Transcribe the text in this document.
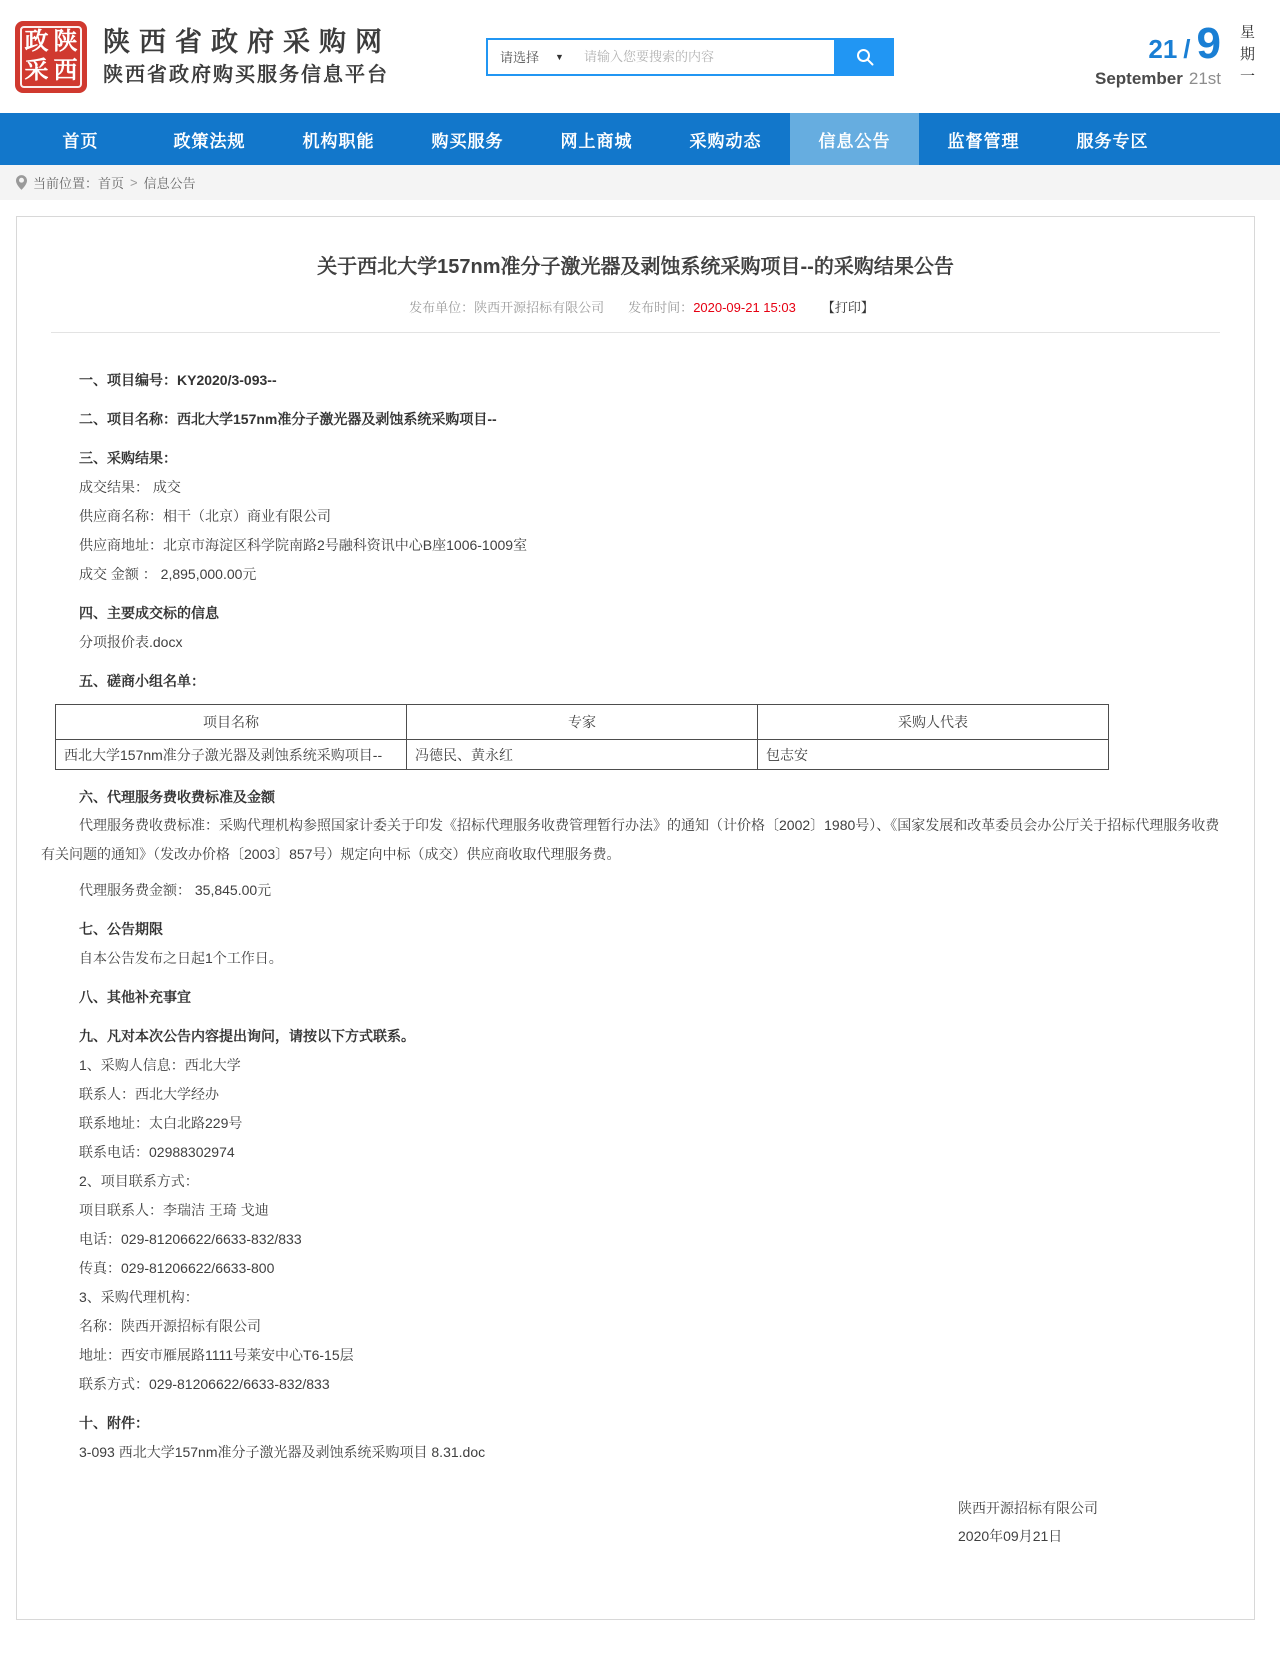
政 陕
采 西
陕西省政府采购网
陕西省政府购买服务信息平台
请选择 ▼
请输入您要搜索的内容	21 / 9
September 21st 星期一
首页	政策法规	机构职能	购买服务	网上商城	采购动态	信息公告	监督管理	服务专区
当前位置： 首页 > 信息公告
关于西北大学157nm准分子激光器及剥蚀系统采购项目--的采购结果公告
发布单位：陕西开源招标有限公司 发布时间：2020-09-21 15:03 【打印】

一、项目编号：KY2020/3-093--

二、项目名称：西北大学157nm准分子激光器及剥蚀系统采购项目--

三、采购结果：

成交结果： 成交

供应商名称：相干（北京）商业有限公司

供应商地址：北京市海淀区科学院南路2号融科资讯中心B座1006-1009室

成交 金额 ： 2,895,000.00元

四、主要成交标的信息

分项报价表.docx

五、磋商小组名单：

项目名称	专家	采购人代表
西北大学157nm准分子激光器及剥蚀系统采购项目--	冯德民、黄永红	包志安

六、代理服务费收费标准及金额

代理服务费收费标准：采购代理机构参照国家计委关于印发《招标代理服务收费管理暂行办法》的通知（计价格〔2002〕1980号）、《国家发展和改革委员会办公厅关于招标代理服务收费有关问题的通知》（发改办价格〔2003〕857号）规定向中标（成交）供应商收取代理服务费。

代理服务费金额： 35,845.00元

七、公告期限

自本公告发布之日起1个工作日。

八、其他补充事宜

九、凡对本次公告内容提出询问，请按以下方式联系。

1、采购人信息：西北大学

联系人：西北大学经办

联系地址：太白北路229号

联系电话：02988302974

2、项目联系方式：

项目联系人：李瑞洁 王琦 戈迪

电话：029-81206622/6633-832/833

传真：029-81206622/6633-800

3、采购代理机构：

名称：陕西开源招标有限公司

地址：西安市雁展路1111号莱安中心T6-15层

联系方式：029-81206622/6633-832/833

十、附件：

3-093 西北大学157nm准分子激光器及剥蚀系统采购项目 8.31.doc

陕西开源招标有限公司
2020年09月21日
